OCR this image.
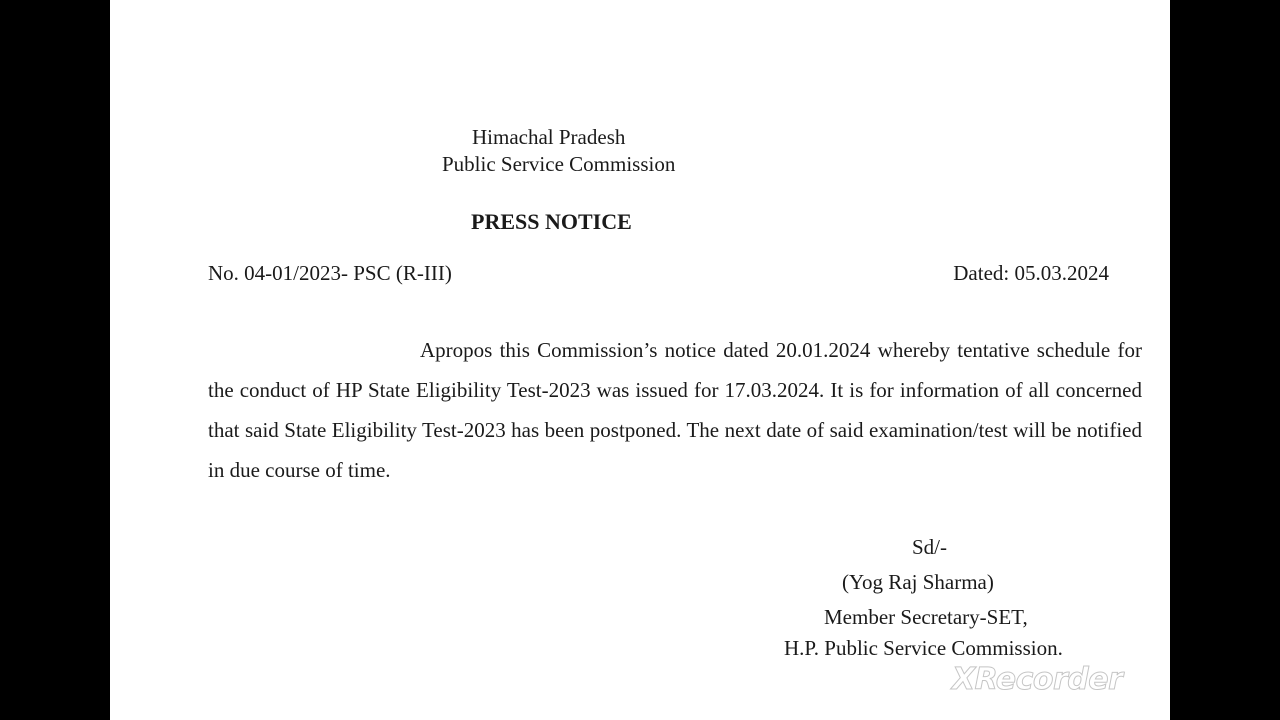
Himachal Pradesh
Public Service Commission
PRESS NOTICE
No. 04-01/2023- PSC (R-III)	Dated: 05.03.2024

Apropos this Commission’s notice dated 20.01.2024 whereby tentative schedule for the conduct of HP State Eligibility Test-2023 was issued for 17.03.2024. It is for information of all concerned that said State Eligibility Test-2023 has been postponed. The next date of said examination/test will be notified in due course of time.

Sd/-
(Yog Raj Sharma)
Member Secretary-SET,
H.P. Public Service Commission.
XRecorder
